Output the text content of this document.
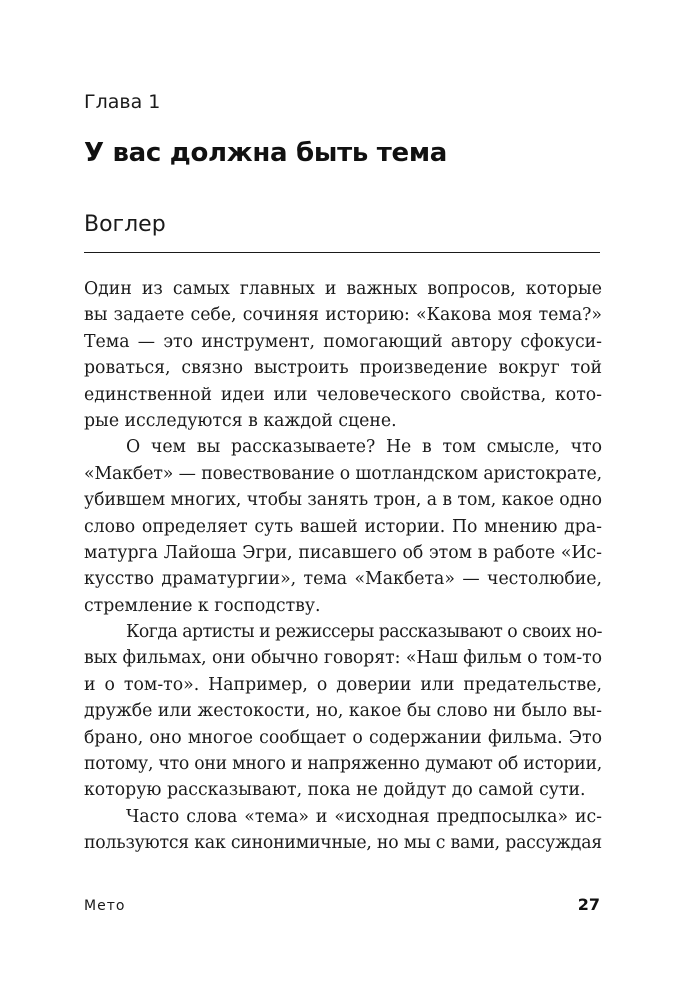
Глава 1
У вас должна быть тема
Воглер
Один из самых главных и важных вопросов, которые
вы задаете себе, сочиняя историю: «Какова моя тема?»
Тема — это инструмент, помогающий автору сфокуси-
роваться, связно выстроить произведение вокруг той
единственной идеи или человеческого свойства, кото-
рые исследуются в каждой сцене.
О чем вы рассказываете? Не в том смысле, что
«Макбет» — повествование о шотландском аристократе,
убившем многих, чтобы занять трон, а в том, какое одно
слово определяет суть вашей истории. По мнению дра-
матурга Лайоша Эгри, писавшего об этом в работе «Ис-
кусство драматургии», тема «Макбета» — честолюбие,
стремление к господству.
Когда артисты и режиссеры рассказывают о своих но-
вых фильмах, они обычно говорят: «Наш фильм о том-то
и о том-то». Например, о доверии или предательстве,
дружбе или жестокости, но, какое бы слово ни было вы-
брано, оно многое сообщает о содержании фильма. Это
потому, что они много и напряженно думают об истории,
которую рассказывают, пока не дойдут до самой сути.
Часто слова «тема» и «исходная предпосылка» ис-
пользуются как синонимичные, но мы с вами, рассуждая
Мето	27
